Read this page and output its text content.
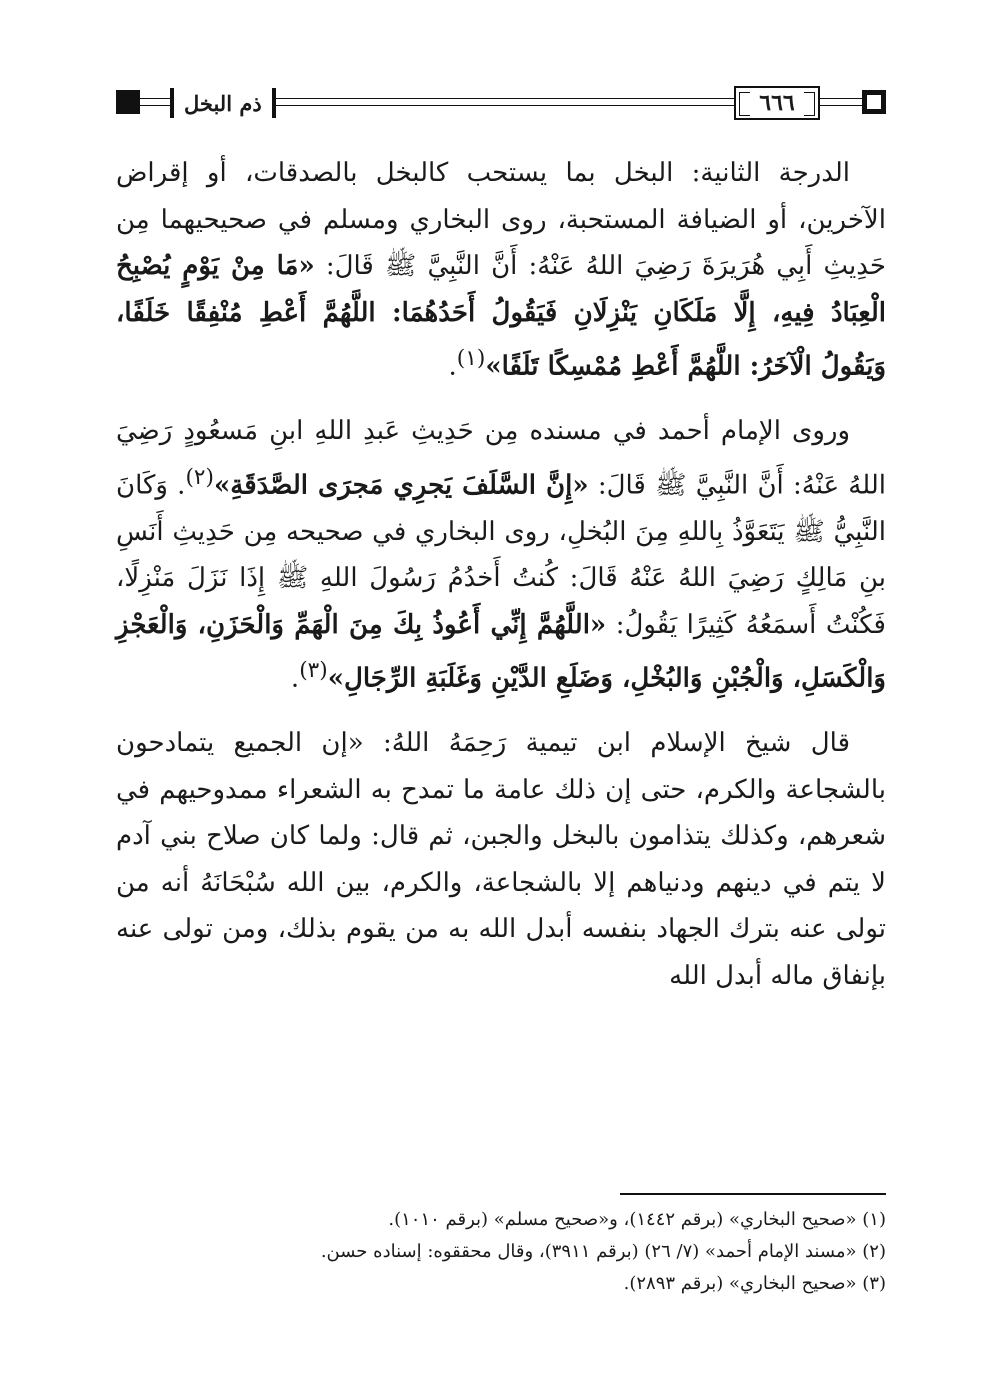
ذم البخل	٦٦٦

الدرجة الثانية: البخل بما يستحب كالبخل بالصدقات، أو إقراض الآخرين، أو الضيافة المستحبة، روى البخاري ومسلم في صحيحيهما مِن حَدِيثِ أَبِي هُرَيرَةَ رَضِيَ اللهُ عَنْهُ: أَنَّ النَّبِيَّ ﷺ قَالَ: «مَا مِنْ يَوْمٍ يُصْبِحُ الْعِبَادُ فِيهِ، إِلَّا مَلَكَانِ يَنْزِلَانِ فَيَقُولُ أَحَدُهُمَا: اللَّهُمَّ أَعْطِ مُنْفِقًا خَلَفًا، وَيَقُولُ الْآخَرُ: اللَّهُمَّ أَعْطِ مُمْسِكًا تَلَفًا»$^{(١)}$.

وروى الإمام أحمد في مسنده مِن حَدِيثِ عَبدِ اللهِ ابنِ مَسعُودٍ رَضِيَ اللهُ عَنْهُ: أَنَّ النَّبِيَّ ﷺ قَالَ: «إِنَّ السَّلَفَ يَجرِي مَجرَى الصَّدَقَةِ»$^{(٢)}$. وَكَانَ النَّبِيُّ ﷺ يَتَعَوَّذُ بِاللهِ مِنَ البُخلِ، روى البخاري في صحيحه مِن حَدِيثِ أَنَسِ بنِ مَالِكٍ رَضِيَ اللهُ عَنْهُ قَالَ: كُنتُ أَخدُمُ رَسُولَ اللهِ ﷺ إِذَا نَزَلَ مَنْزِلًا، فَكُنْتُ أَسمَعُهُ كَثِيرًا يَقُولُ: «اللَّهُمَّ إِنِّي أَعُوذُ بِكَ مِنَ الْهَمِّ وَالْحَزَنِ، وَالْعَجْزِ وَالْكَسَلِ، وَالْجُبْنِ وَالبُخْلِ، وَضَلَعِ الدَّيْنِ وَغَلَبَةِ الرِّجَالِ»$^{(٣)}$.

قال شيخ الإسلام ابن تيمية رَحِمَهُ اللهُ: «إن الجميع يتمادحون بالشجاعة والكرم، حتى إن ذلك عامة ما تمدح به الشعراء ممدوحيهم في شعرهم، وكذلك يتذامون بالبخل والجبن، ثم قال: ولما كان صلاح بني آدم لا يتم في دينهم ودنياهم إلا بالشجاعة، والكرم، بين الله سُبْحَانَهُ أنه من تولى عنه بترك الجهاد بنفسه أبدل الله به من يقوم بذلك، ومن تولى عنه بإنفاق ماله أبدل الله

(١) «صحيح البخاري» (برقم ١٤٤٢)، و«صحيح مسلم» (برقم ١٠١٠).
(٢) «مسند الإمام أحمد» (٧/ ٢٦) (برقم ٣٩١١)، وقال محققوه: إسناده حسن.
(٣) «صحيح البخاري» (برقم ٢٨٩٣).
